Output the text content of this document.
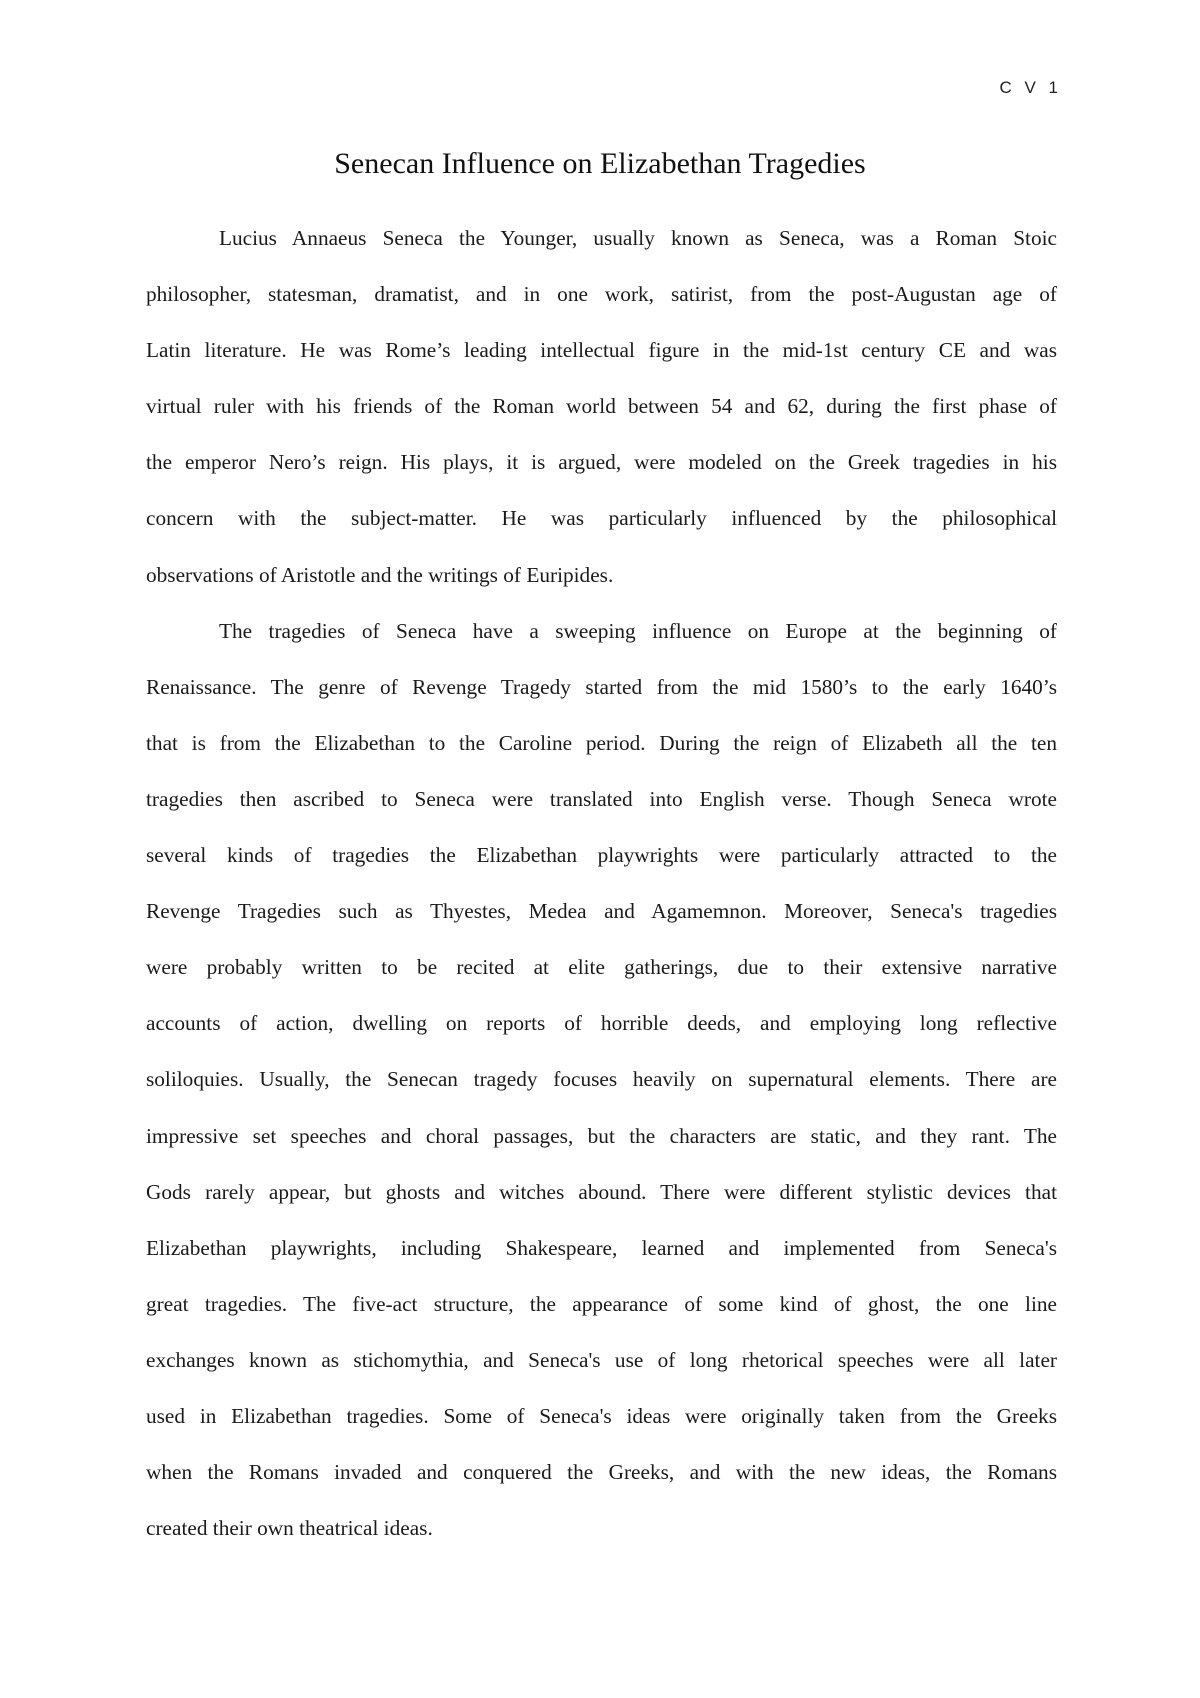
C V 1
Senecan Influence on Elizabethan Tragedies
Lucius Annaeus Seneca the Younger, usually known as Seneca, was a Roman Stoic
philosopher, statesman, dramatist, and in one work, satirist, from the post-Augustan age of
Latin literature. He was Rome’s leading intellectual figure in the mid-1st century CE and was
virtual ruler with his friends of the Roman world between 54 and 62, during the first phase of
the emperor Nero’s reign. His plays, it is argued, were modeled on the Greek tragedies in his
concern with the subject-matter. He was particularly influenced by the philosophical
observations of Aristotle and the writings of Euripides.
The tragedies of Seneca have a sweeping influence on Europe at the beginning of
Renaissance. The genre of Revenge Tragedy started from the mid 1580’s to the early 1640’s
that is from the Elizabethan to the Caroline period. During the reign of Elizabeth all the ten
tragedies then ascribed to Seneca were translated into English verse. Though Seneca wrote
several kinds of tragedies the Elizabethan playwrights were particularly attracted to the
Revenge Tragedies such as Thyestes, Medea and Agamemnon. Moreover, Seneca's tragedies
were probably written to be recited at elite gatherings, due to their extensive narrative
accounts of action, dwelling on reports of horrible deeds, and employing long reflective
soliloquies. Usually, the Senecan tragedy focuses heavily on supernatural elements. There are
impressive set speeches and choral passages, but the characters are static, and they rant. The
Gods rarely appear, but ghosts and witches abound. There were different stylistic devices that
Elizabethan playwrights, including Shakespeare, learned and implemented from Seneca's
great tragedies. The five-act structure, the appearance of some kind of ghost, the one line
exchanges known as stichomythia, and Seneca's use of long rhetorical speeches were all later
used in Elizabethan tragedies. Some of Seneca's ideas were originally taken from the Greeks
when the Romans invaded and conquered the Greeks, and with the new ideas, the Romans
created their own theatrical ideas.
